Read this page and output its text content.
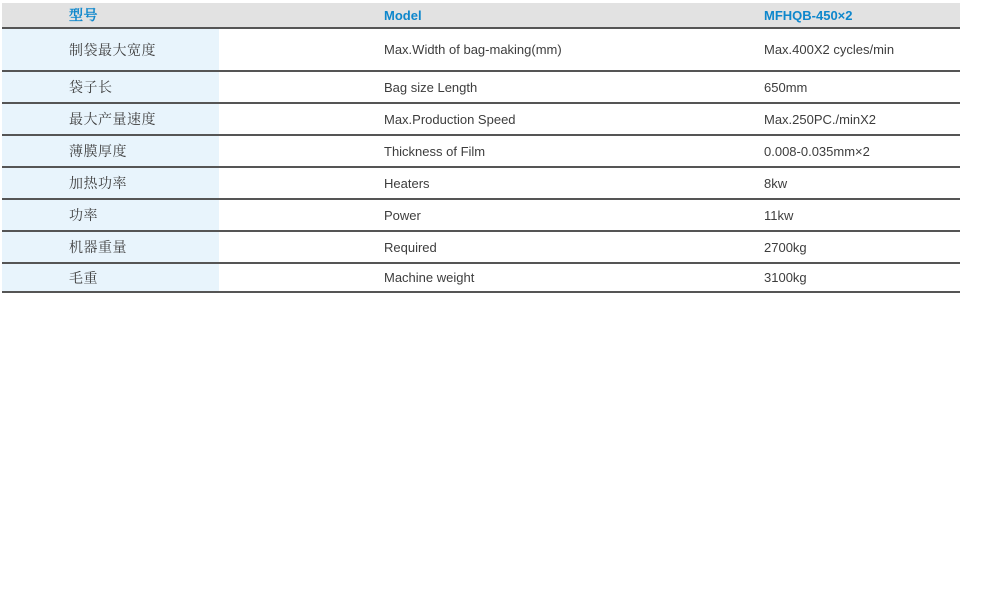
型号	Model	MFHQB-450×2
制袋最大宽度	Max.Width of bag-making(mm)	Max.400X2 cycles/min
袋子长	Bag size Length	650mm
最大产量速度	Max.Production Speed	Max.250PC./minX2
薄膜厚度	Thickness of Film	0.008-0.035mm×2
加热功率	Heaters	8kw
功率	Power	11kw
机器重量	Required	2700kg
毛重	Machine weight	3100kg
